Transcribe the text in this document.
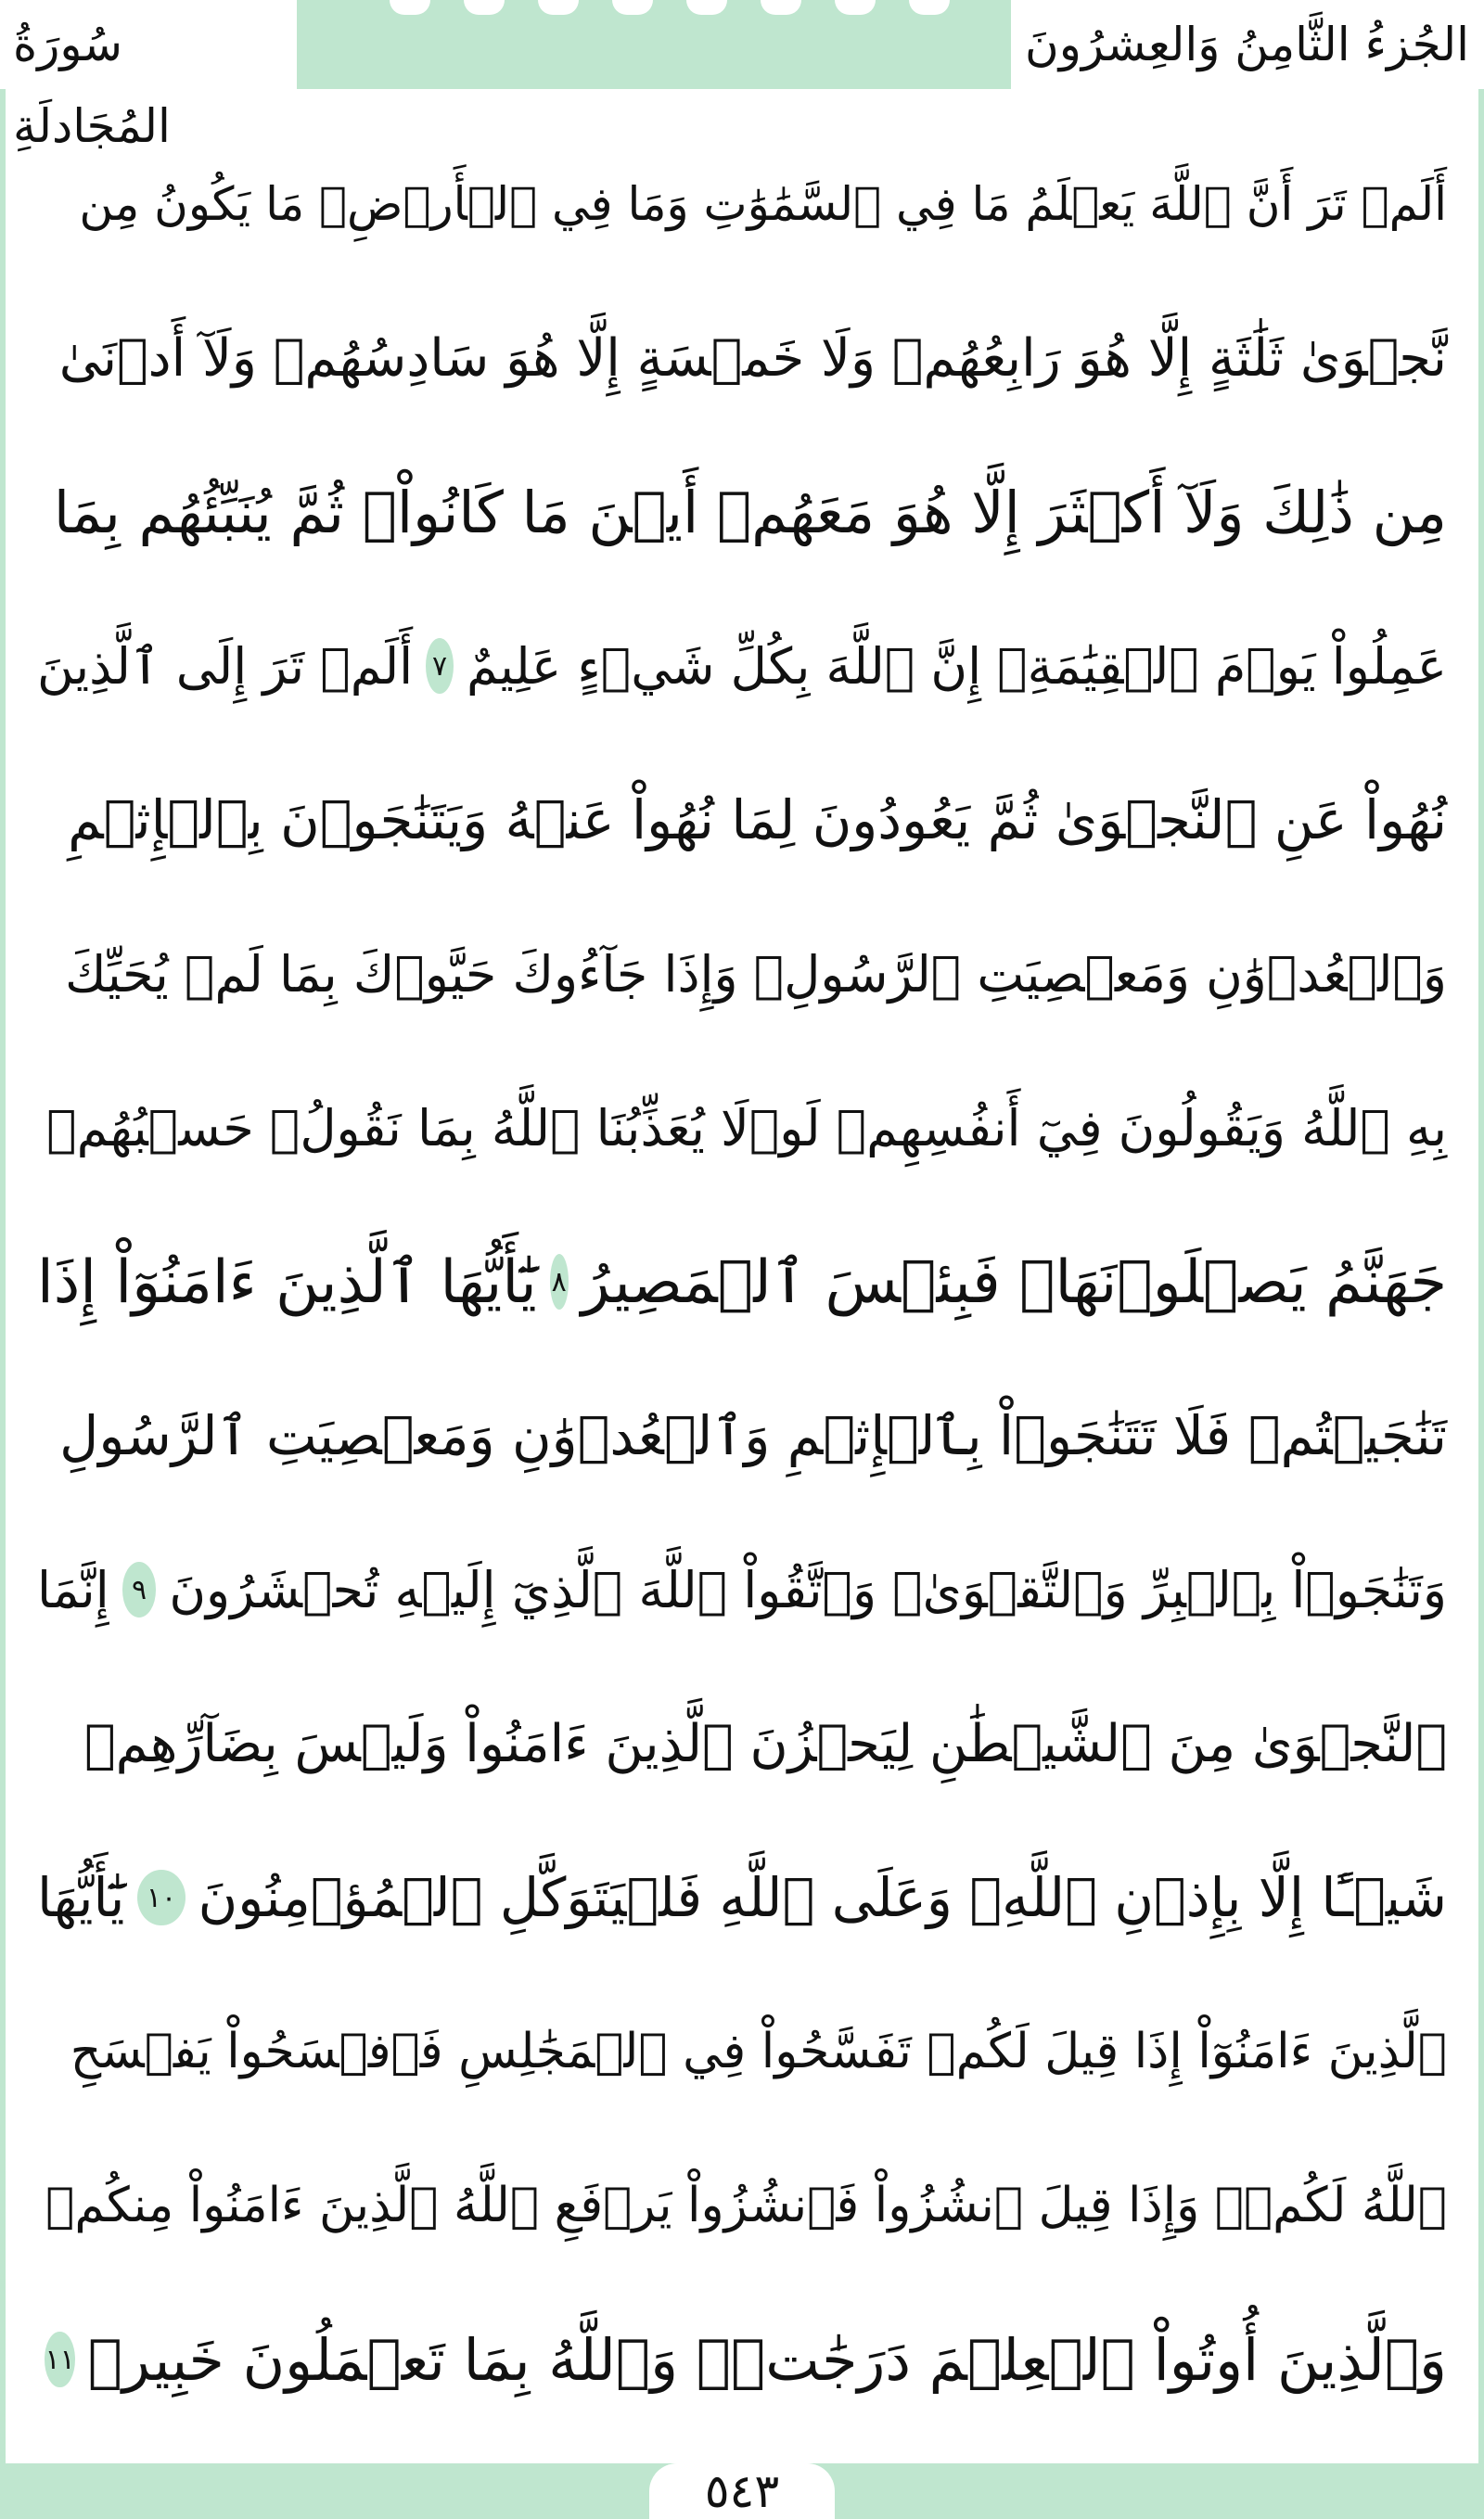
الجُزءُ الثَّامِنُ وَالعِشرُونَ
سُورَةُ المُجَادلَةِ
أَلَمۡ تَرَ أَنَّ ٱللَّهَ يَعۡلَمُ مَا فِي ٱلسَّمَٰوَٰتِ وَمَا فِي ٱلۡأَرۡضِۖ مَا يَكُونُ مِن
نَّجۡوَىٰ ثَلَٰثَةٍ إِلَّا هُوَ رَابِعُهُمۡ وَلَا خَمۡسَةٍ إِلَّا هُوَ سَادِسُهُمۡ وَلَآ أَدۡنَىٰ
مِن ذَٰلِكَ وَلَآ أَكۡثَرَ إِلَّا هُوَ مَعَهُمۡ أَيۡنَ مَا كَانُواْۖ ثُمَّ يُنَبِّئُهُم بِمَا
عَمِلُواْ يَوۡمَ ٱلۡقِيَٰمَةِۚ إِنَّ ٱللَّهَ بِكُلِّ شَيۡءٍ عَلِيمٌ
٧
أَلَمۡ تَرَ إِلَى ٱلَّذِينَ
نُهُواْ عَنِ ٱلنَّجۡوَىٰ ثُمَّ يَعُودُونَ لِمَا نُهُواْ عَنۡهُ وَيَتَنَٰجَوۡنَ بِٱلۡإِثۡمِ
وَٱلۡعُدۡوَٰنِ وَمَعۡصِيَتِ ٱلرَّسُولِۖ وَإِذَا جَآءُوكَ حَيَّوۡكَ بِمَا لَمۡ يُحَيِّكَ
بِهِ ٱللَّهُ وَيَقُولُونَ فِيٓ أَنفُسِهِمۡ لَوۡلَا يُعَذِّبُنَا ٱللَّهُ بِمَا نَقُولُۚ حَسۡبُهُمۡ
جَهَنَّمُ يَصۡلَوۡنَهَاۖ فَبِئۡسَ ٱلۡمَصِيرُ
٨
يَٰٓأَيُّهَا ٱلَّذِينَ ءَامَنُوٓاْ إِذَا
تَنَٰجَيۡتُمۡ فَلَا تَتَنَٰجَوۡاْ بِٱلۡإِثۡمِ وَٱلۡعُدۡوَٰنِ وَمَعۡصِيَتِ ٱلرَّسُولِ
وَتَنَٰجَوۡاْ بِٱلۡبِرِّ وَٱلتَّقۡوَىٰۖ وَٱتَّقُواْ ٱللَّهَ ٱلَّذِيٓ إِلَيۡهِ تُحۡشَرُونَ
٩
إِنَّمَا
ٱلنَّجۡوَىٰ مِنَ ٱلشَّيۡطَٰنِ لِيَحۡزُنَ ٱلَّذِينَ ءَامَنُواْ وَلَيۡسَ بِضَآرِّهِمۡ
شَيۡـًٔا إِلَّا بِإِذۡنِ ٱللَّهِۚ وَعَلَى ٱللَّهِ فَلۡيَتَوَكَّلِ ٱلۡمُؤۡمِنُونَ
١٠
يَٰٓأَيُّهَا
ٱلَّذِينَ ءَامَنُوٓاْ إِذَا قِيلَ لَكُمۡ تَفَسَّحُواْ فِي ٱلۡمَجَٰلِسِ فَٱفۡسَحُواْ يَفۡسَحِ
ٱللَّهُ لَكُمۡۖ وَإِذَا قِيلَ ٱنشُزُواْ فَٱنشُزُواْ يَرۡفَعِ ٱللَّهُ ٱلَّذِينَ ءَامَنُواْ مِنكُمۡ
وَٱلَّذِينَ أُوتُواْ ٱلۡعِلۡمَ دَرَجَٰتٖۚ وَٱللَّهُ بِمَا تَعۡمَلُونَ خَبِيرٞ
١١
٥٤٣
